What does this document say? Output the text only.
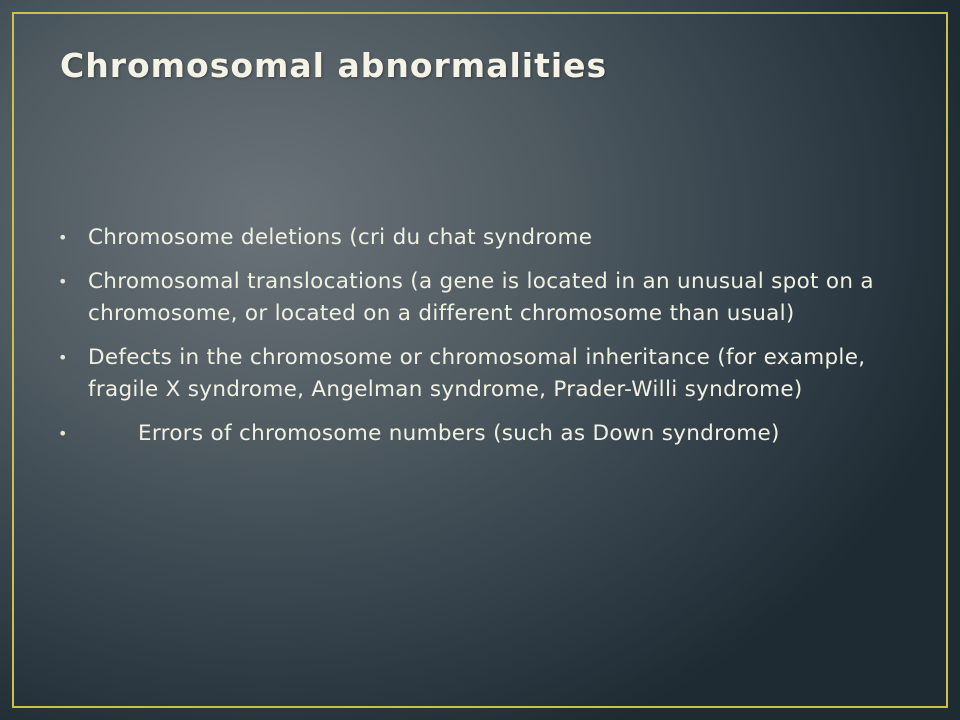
Chromosomal abnormalities
• Chromosome deletions (cri du chat syndrome
• Chromosomal translocations (a gene is located in an unusual spot on a chromosome, or located on a different chromosome than usual)
• Defects in the chromosome or chromosomal inheritance (for example, fragile X syndrome, Angelman syndrome, Prader-Willi syndrome)
•	Errors of chromosome numbers (such as Down syndrome)
